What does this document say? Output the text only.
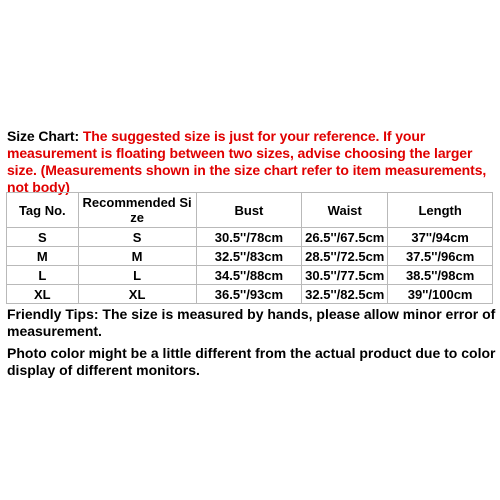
Size Chart: The suggested size is just for your reference. If your measurement is floating between two sizes, advise choosing the larger size. (Measurements shown in the size chart refer to item measurements, not body)
Tag No.	Recommended Size	Bust	Waist	Length
S	S	30.5''/78cm	26.5''/67.5cm	37''/94cm
M	M	32.5''/83cm	28.5''/72.5cm	37.5''/96cm
L	L	34.5''/88cm	30.5''/77.5cm	38.5''/98cm
XL	XL	36.5''/93cm	32.5''/82.5cm	39''/100cm

Friendly Tips: The size is measured by hands, please allow minor error of measurement.

Photo color might be a little different from the actual product due to color display of different monitors.
